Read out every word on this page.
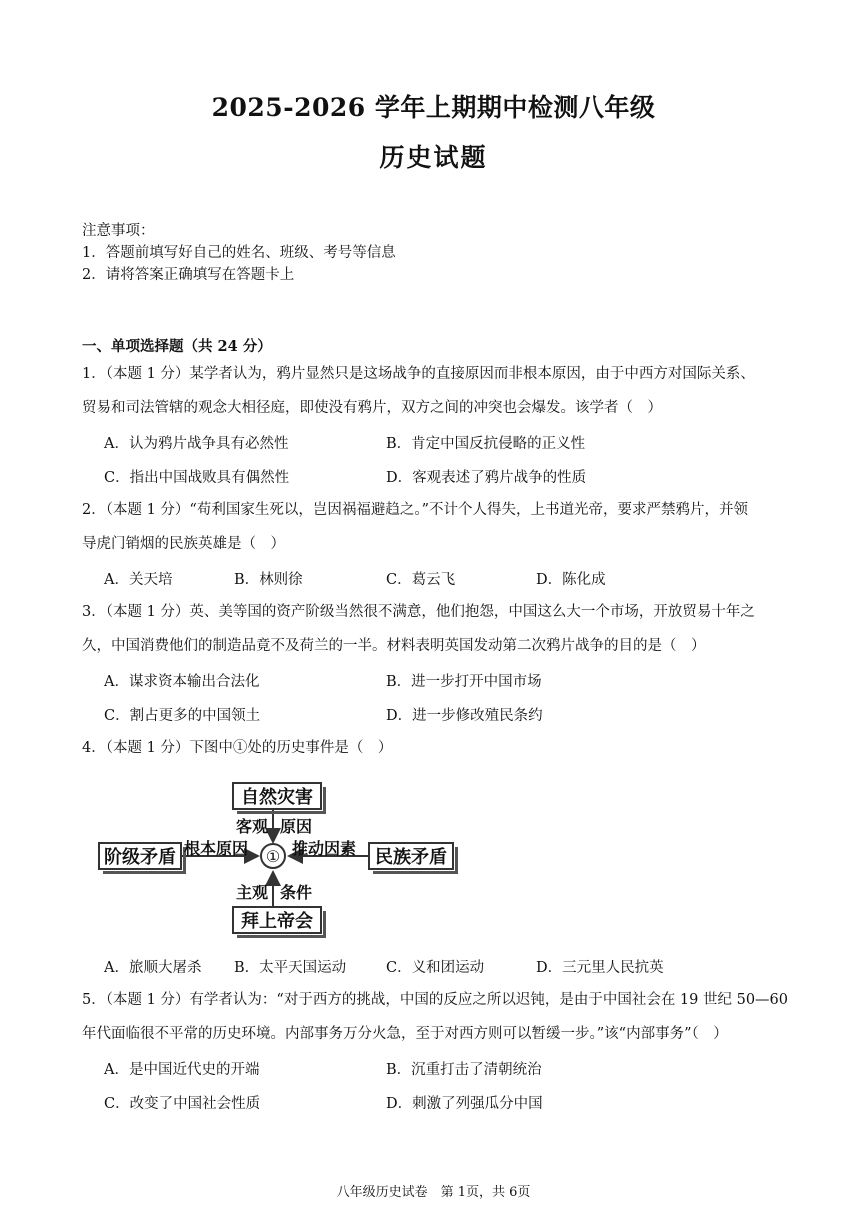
2025-2026 学年上期期中检测八年级
历史试题
注意事项：
1．答题前填写好自己的姓名、班级、考号等信息
2．请将答案正确填写在答题卡上
一、单项选择题（共 24 分）
1．（本题 1 分）某学者认为，鸦片显然只是这场战争的直接原因而非根本原因，由于中西方对国际关系、
贸易和司法管辖的观念大相径庭，即使没有鸦片，双方之间的冲突也会爆发。该学者（　）
A．认为鸦片战争具有必然性	B．肯定中国反抗侵略的正义性
C．指出中国战败具有偶然性	D．客观表述了鸦片战争的性质
2．（本题 1 分）“苟利国家生死以，岂因祸福避趋之。”不计个人得失，上书道光帝，要求严禁鸦片，并领
导虎门销烟的民族英雄是（　）
A．关天培	B．林则徐	C．葛云飞	D．陈化成
3．（本题 1 分）英、美等国的资产阶级当然很不满意，他们抱怨，中国这么大一个市场，开放贸易十年之
久，中国消费他们的制造品竟不及荷兰的一半。材料表明英国发动第二次鸦片战争的目的是（　）
A．谋求资本输出合法化	B．进一步打开中国市场
C．割占更多的中国领土	D．进一步修改殖民条约
4．（本题 1 分）下图中①处的历史事件是（　）
自然灾害
阶级矛盾	民族矛盾
拜上帝会
①
客观 原因
根本原因	推动因素
主观 条件
A．旅顺大屠杀 B．太平天国运动	C．义和团运动	D．三元里人民抗英
5．（本题 1 分）有学者认为：“对于西方的挑战，中国的反应之所以迟钝，是由于中国社会在 19 世纪 50—60
年代面临很不平常的历史环境。内部事务万分火急，至于对西方则可以暂缓一步。”该“内部事务”（　）
A．是中国近代史的开端	B．沉重打击了清朝统治
C．改变了中国社会性质	D．刺激了列强瓜分中国
八年级历史试卷　第 1页，共 6页
